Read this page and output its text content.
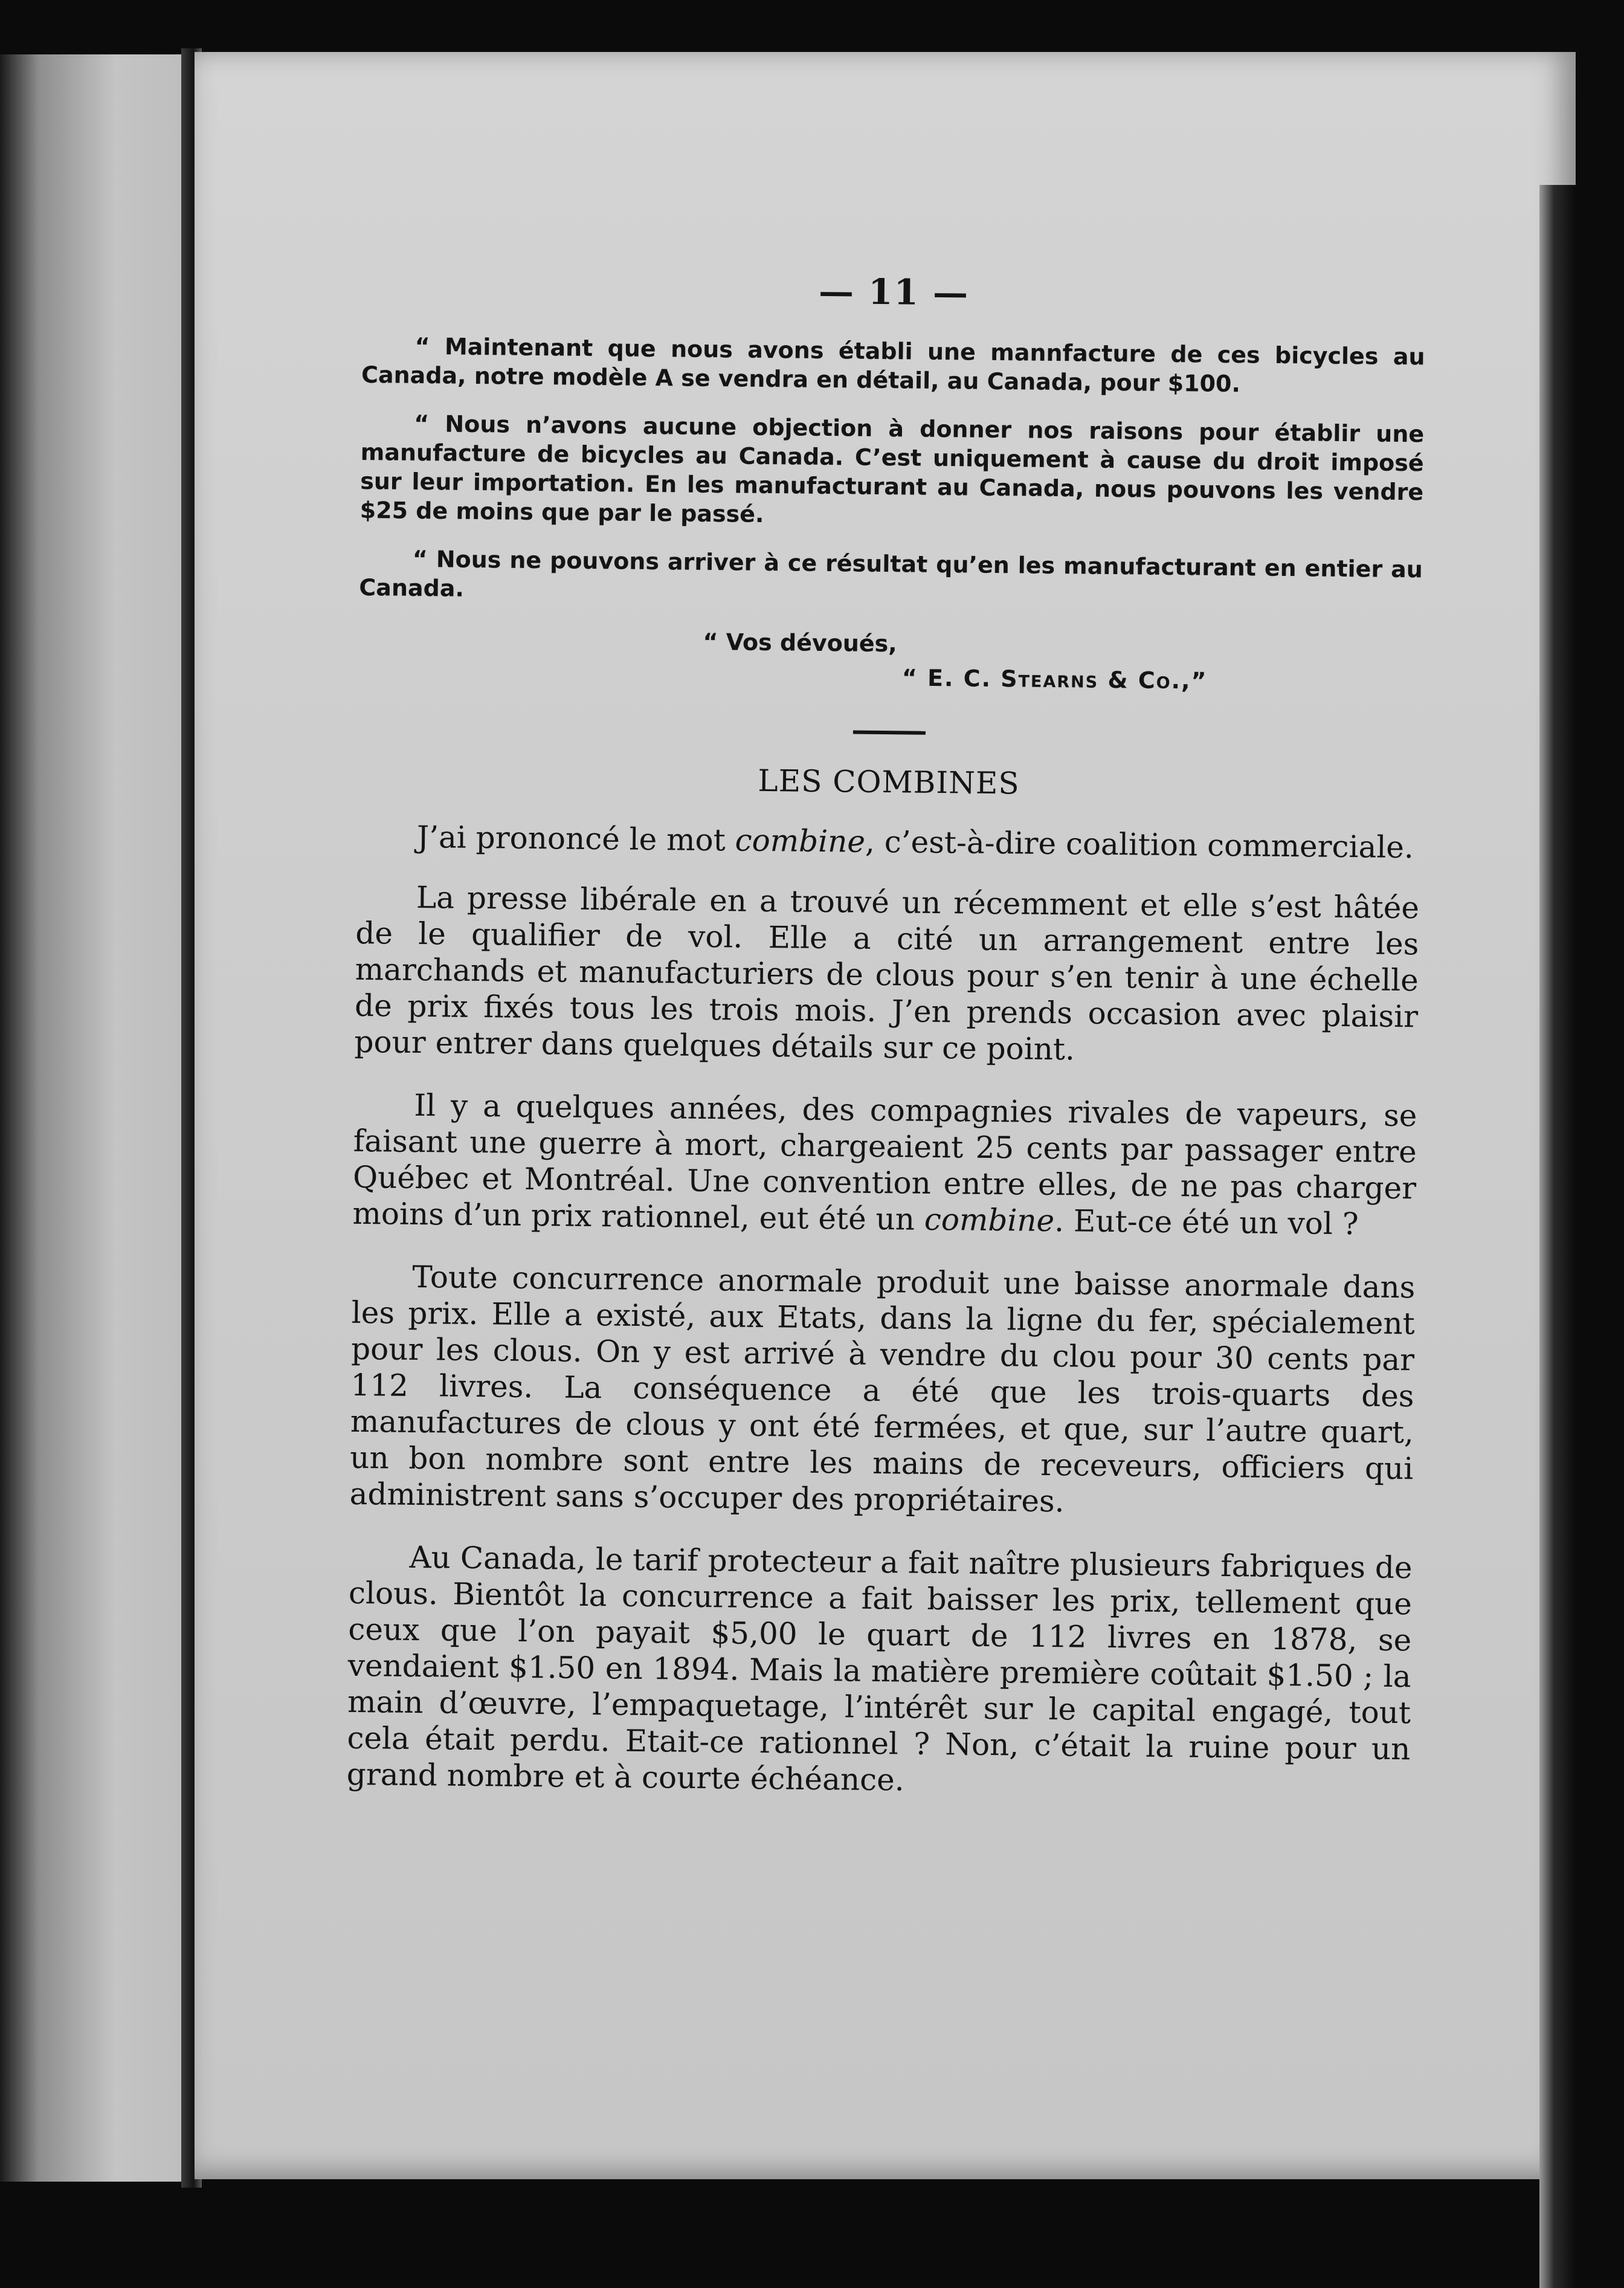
— 11 —

“ Maintenant que nous avons établi une mannfacture de ces bicycles au Canada, notre modèle A se vendra en détail, au Canada, pour $100.

“ Nous n’avons aucune objection à donner nos raisons pour établir une manufacture de bicycles au Canada. C’est uniquement à cause du droit imposé sur leur importation. En les manufacturant au Canada, nous pouvons les vendre $25 de moins que par le passé.

“ Nous ne pouvons arriver à ce résultat qu’en les manufacturant en entier au Canada.

“ Vos dévoués,
“ E. C. Stearns & Co.,”
LES COMBINES

J’ai prononcé le mot combine, c’est-à-dire coalition commerciale.

La presse libérale en a trouvé un récemment et elle s’est hâtée de le qualifier de vol. Elle a cité un arrangement entre les marchands et manufacturiers de clous pour s’en tenir à une échelle de prix fixés tous les trois mois. J’en prends occasion avec plaisir pour entrer dans quelques détails sur ce point.

Il y a quelques années, des compagnies rivales de vapeurs, se faisant une guerre à mort, chargeaient 25 cents par passager entre Québec et Montréal. Une convention entre elles, de ne pas charger moins d’un prix rationnel, eut été un combine. Eut-ce été un vol ?

Toute concurrence anormale produit une baisse anormale dans les prix. Elle a existé, aux Etats, dans la ligne du fer, spécialement pour les clous. On y est arrivé à vendre du clou pour 30 cents par 112 livres. La conséquence a été que les trois-quarts des manufactures de clous y ont été fermées, et que, sur l’autre quart, un bon nombre sont entre les mains de receveurs, officiers qui administrent sans s’occuper des propriétaires.

Au Canada, le tarif protecteur a fait naître plusieurs fabriques de clous. Bientôt la concurrence a fait baisser les prix, tellement que ceux que l’on payait $5,00 le quart de 112 livres en 1878, se vendaient $1.50 en 1894. Mais la matière première coûtait $1.50 ; la main d’œuvre, l’empaquetage, l’intérêt sur le capital engagé, tout cela était perdu. Etait-ce rationnel ? Non, c’était la ruine pour un grand nombre et à courte échéance.
